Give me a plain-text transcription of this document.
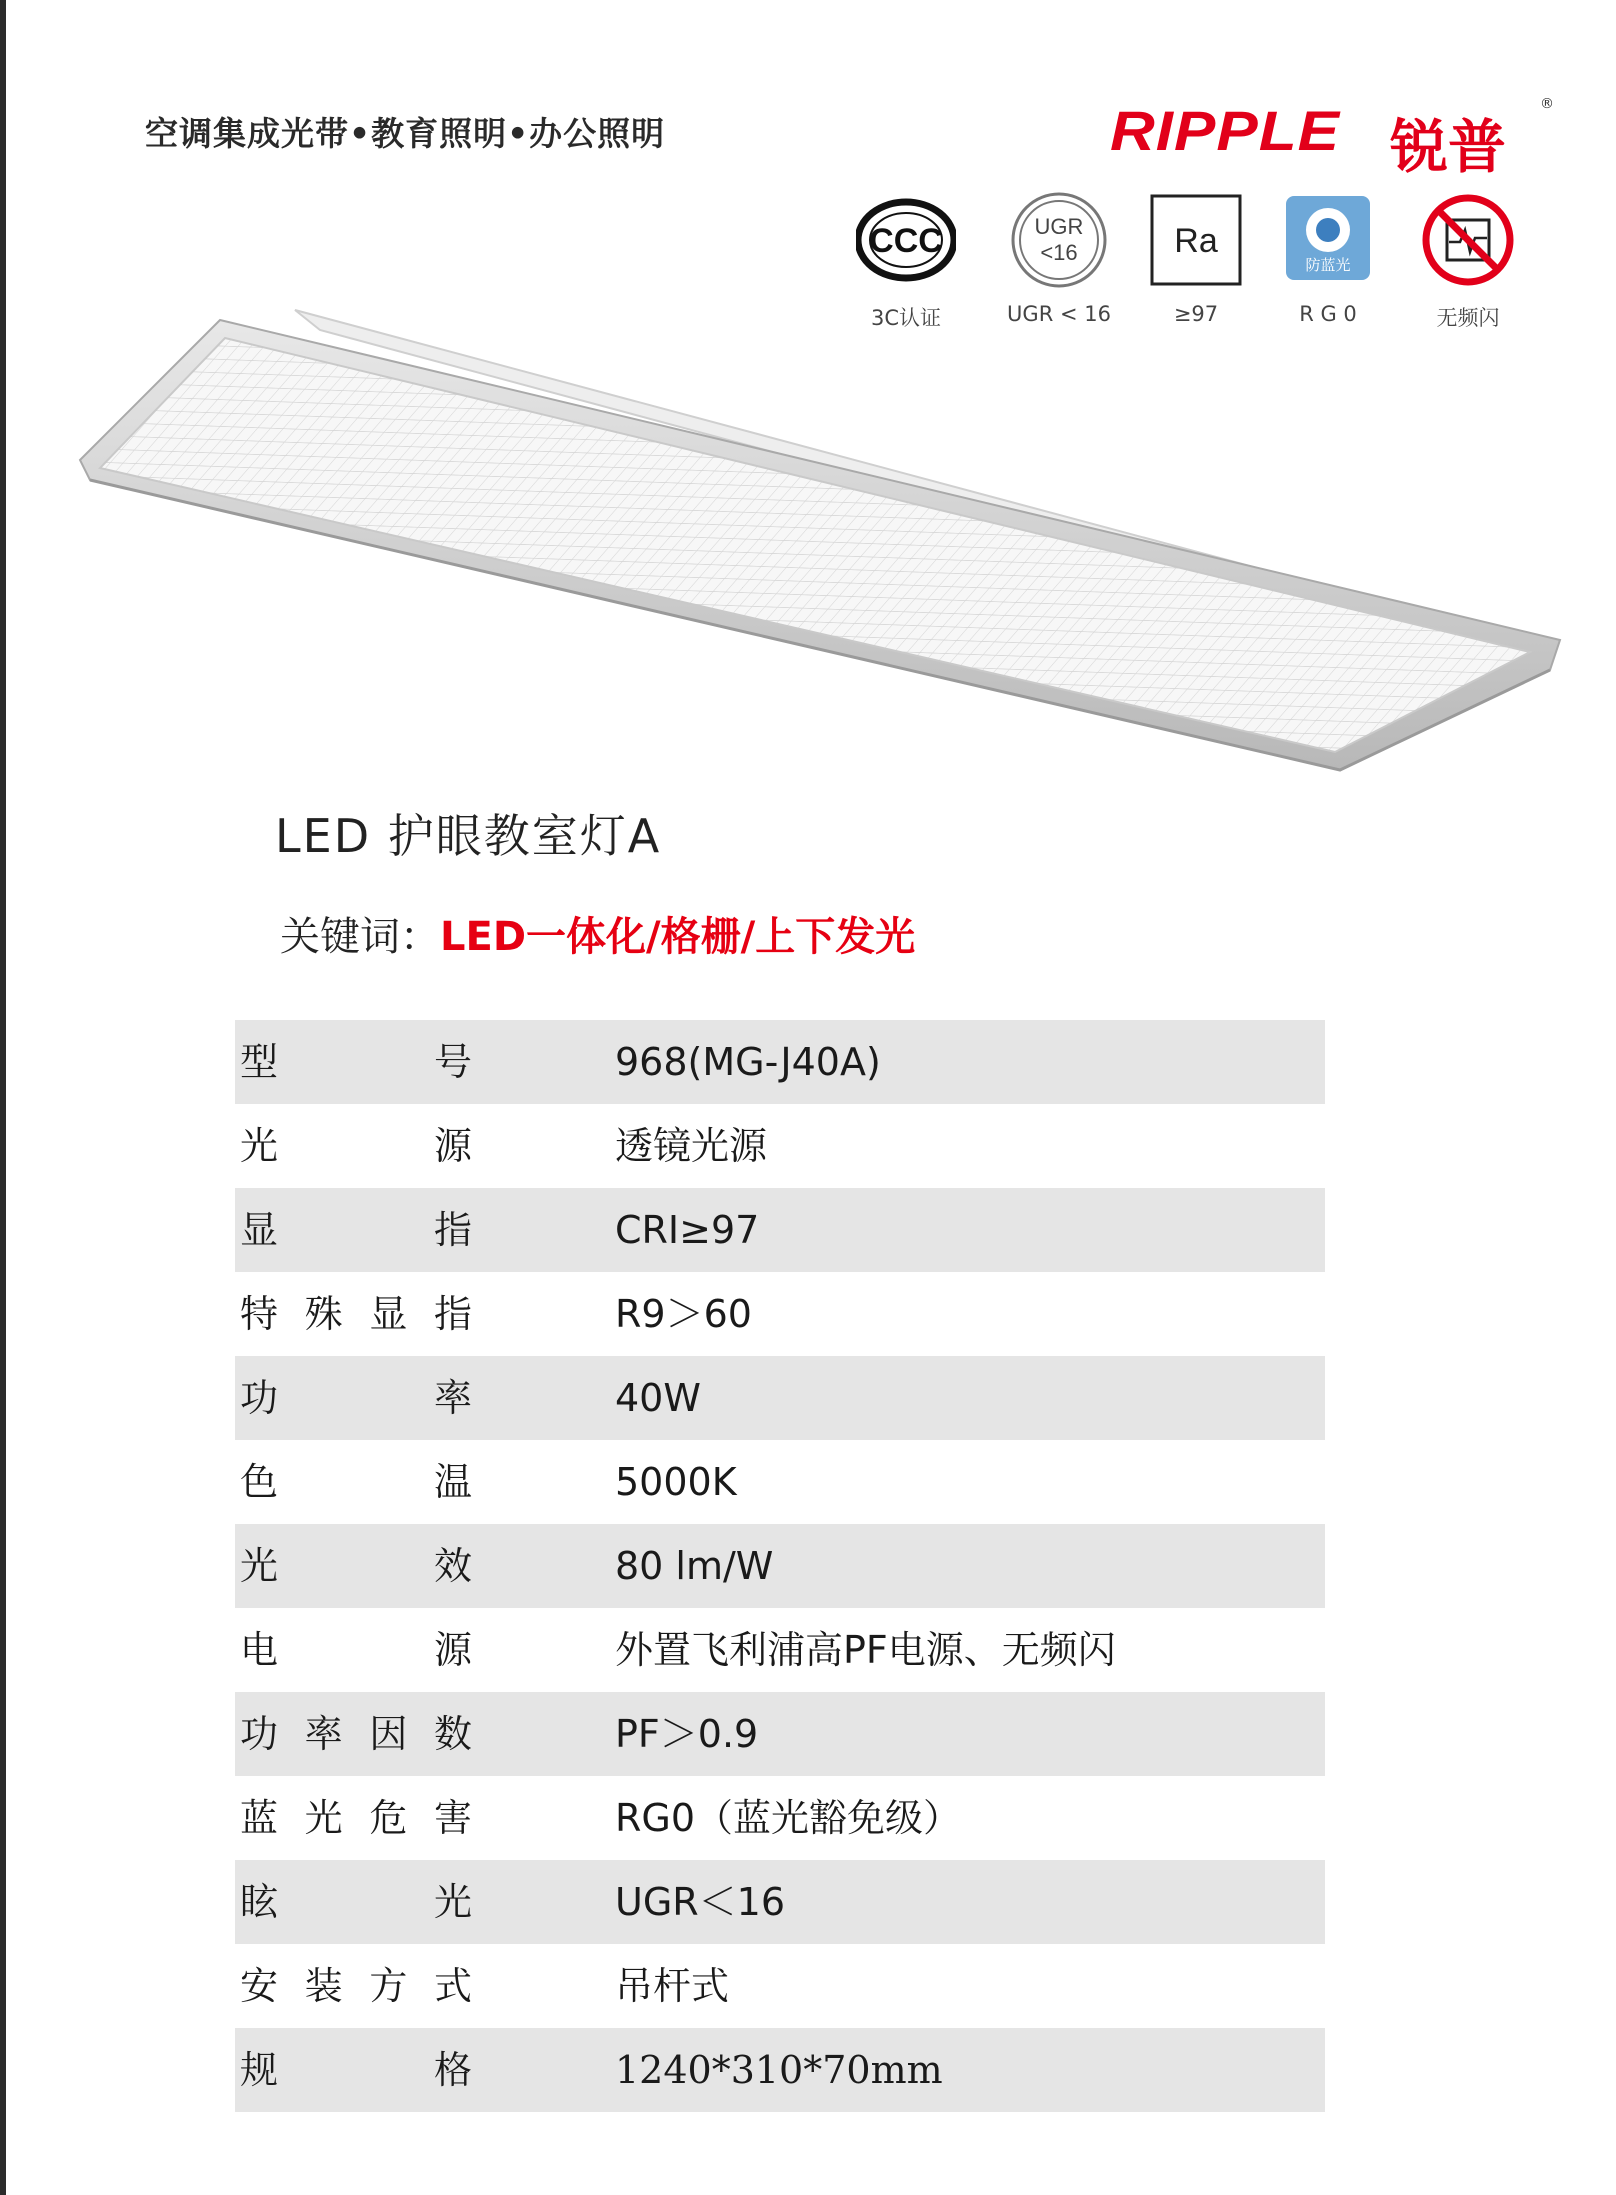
空调集成光带•教育照明•办公照明	RIPPLE 锐普
®
CCC
3C认证
UGR
<16
UGR < 16
Ra
≥97
防蓝光
R G 0	无频闪
LED 护眼教室灯A
关键词：LED一体化/格栅/上下发光
型号	968(MG-J40A)
光源	透镜光源
显指	CRI≥97
特殊显指	R9＞60
功率	40W
色温	5000K
光效	80 lm/W
电源	外置飞利浦高PF电源、无频闪
功率因数	PF＞0.9
蓝光危害	RG0（蓝光豁免级）
眩光	UGR＜16
安装方式	吊杆式
规格	1240*310*70mm
